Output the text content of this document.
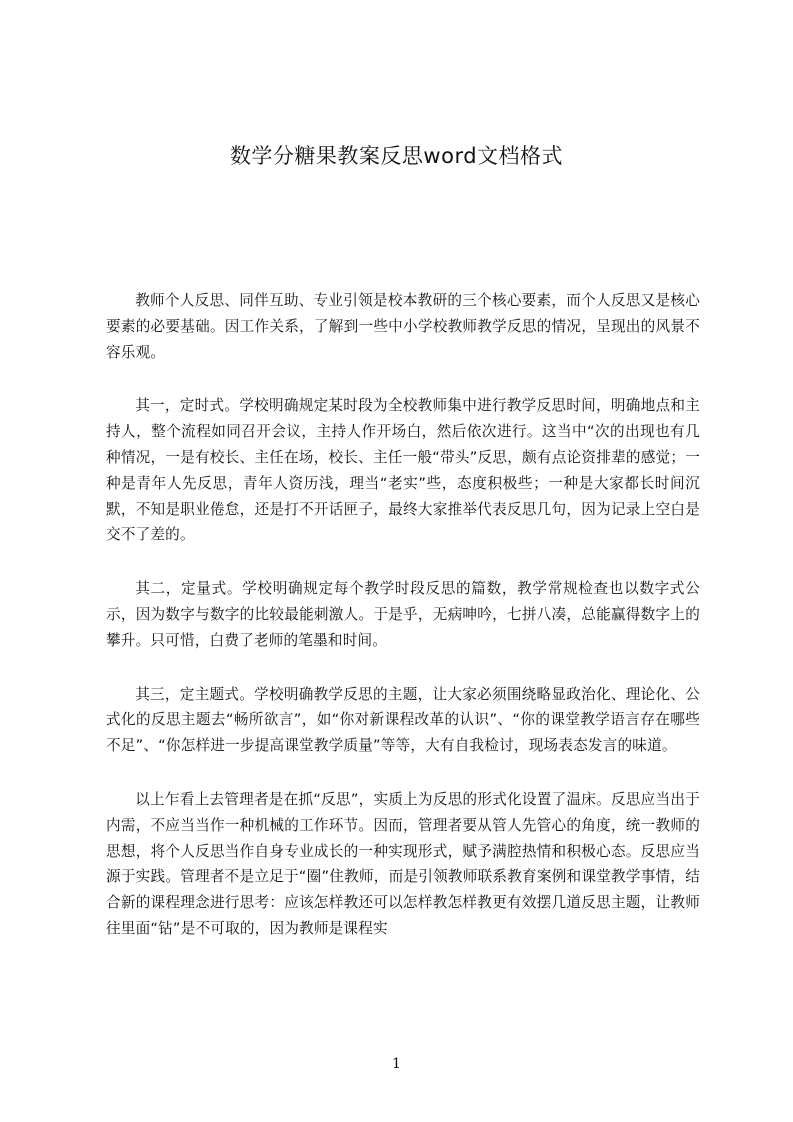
数学分糖果教案反思word文档格式

教师个人反思、同伴互助、专业引领是校本教研的三个核心要素，而个人反思又是核心要素的必要基础。因工作关系，了解到一些中小学校教师教学反思的情况，呈现出的风景不容乐观。

其一，定时式。学校明确规定某时段为全校教师集中进行教学反思时间，明确地点和主持人，整个流程如同召开会议，主持人作开场白，然后依次进行。这当中“次的出现也有几种情况，一是有校长、主任在场，校长、主任一般“带头”反思，颇有点论资排辈的感觉；一种是青年人先反思，青年人资历浅，理当“老实”些，态度积极些；一种是大家都长时间沉默，不知是职业倦怠，还是打不开话匣子，最终大家推举代表反思几句，因为记录上空白是交不了差的。

其二，定量式。学校明确规定每个教学时段反思的篇数，教学常规检查也以数字式公示，因为数字与数字的比较最能刺激人。于是乎，无病呻吟，七拼八凑，总能赢得数字上的攀升。只可惜，白费了老师的笔墨和时间。

其三，定主题式。学校明确教学反思的主题，让大家必须围绕略显政治化、理论化、公式化的反思主题去“畅所欲言”，如“你对新课程改革的认识”、“你的课堂教学语言存在哪些不足”、“你怎样进一步提高课堂教学质量”等等，大有自我检讨，现场表态发言的味道。

以上乍看上去管理者是在抓“反思”，实质上为反思的形式化设置了温床。反思应当出于内需，不应当当作一种机械的工作环节。因而，管理者要从管人先管心的角度，统一教师的思想，将个人反思当作自身专业成长的一种实现形式，赋予满腔热情和积极心态。反思应当源于实践。管理者不是立足于“圈”住教师，而是引领教师联系教育案例和课堂教学事情，结合新的课程理念进行思考：应该怎样教还可以怎样教怎样教更有效摆几道反思主题，让教师往里面“钻”是不可取的，因为教师是课程实

1
